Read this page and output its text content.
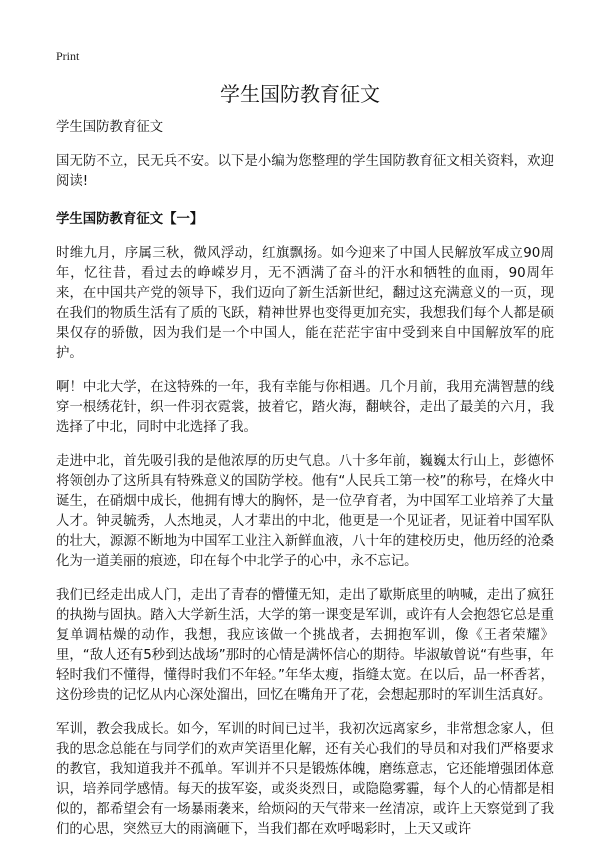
Print
学生国防教育征文

学生国防教育征文

国无防不立，民无兵不安。以下是小编为您整理的学生国防教育征文相关资料，欢迎阅读!

学生国防教育征文【一】

时维九月，序属三秋，微风浮动，红旗飘扬。如今迎来了中国人民解放军成立90周年，忆往昔，看过去的峥嵘岁月，无不洒满了奋斗的汗水和牺牲的血雨，90周年来，在中国共产党的领导下，我们迈向了新生活新世纪，翻过这充满意义的一页，现在我们的物质生活有了质的飞跃，精神世界也变得更加充实，我想我们每个人都是硕果仅存的骄傲，因为我们是一个中国人，能在茫茫宇宙中受到来自中国解放军的庇护。

啊！中北大学，在这特殊的一年，我有幸能与你相遇。几个月前，我用充满智慧的线穿一根绣花针，织一件羽衣霓裳，披着它，踏火海，翻峡谷，走出了最美的六月，我选择了中北，同时中北选择了我。

走进中北，首先吸引我的是他浓厚的历史气息。八十多年前，巍巍太行山上，彭德怀将领创办了这所具有特殊意义的国防学校。他有“人民兵工第一校”的称号，在烽火中诞生，在硝烟中成长，他拥有博大的胸怀，是一位孕育者，为中国军工业培养了大量人才。钟灵毓秀，人杰地灵，人才辈出的中北，他更是一个见证者，见证着中国军队的壮大，源源不断地为中国军工业注入新鲜血液，八十年的建校历史，他历经的沧桑化为一道美丽的痕迹，印在每个中北学子的心中，永不忘记。

我们已经走出成人门，走出了青春的懵懂无知，走出了歇斯底里的呐喊，走出了疯狂的执拗与固执。踏入大学新生活，大学的第一课变是军训，或许有人会抱怨它总是重复单调枯燥的动作，我想，我应该做一个挑战者，去拥抱军训，像《王者荣耀》里，“敌人还有5秒到达战场”那时的心情是满怀信心的期待。毕淑敏曾说“有些事，年轻时我们不懂得，懂得时我们不年轻。”年华太瘦，指缝太宽。在以后，品一杯香茗，这份珍贵的记忆从内心深处溜出，回忆在嘴角开了花，会想起那时的军训生活真好。

军训，教会我成长。如今，军训的时间已过半，我初次远离家乡，非常想念家人，但我的思念总能在与同学们的欢声笑语里化解，还有关心我们的导员和对我们严格要求的教官，我知道我并不孤单。军训并不只是锻炼体魄，磨练意志，它还能增强团体意识，培养同学感情。每天的拔军姿，或炎炎烈日，或隐隐雾霾，每个人的心情都是相似的，都希望会有一场暴雨袭来，给烦闷的天气带来一丝清凉，或许上天察觉到了我们的心思，突然豆大的雨滴砸下，当我们都在欢呼喝彩时，上天又或许
